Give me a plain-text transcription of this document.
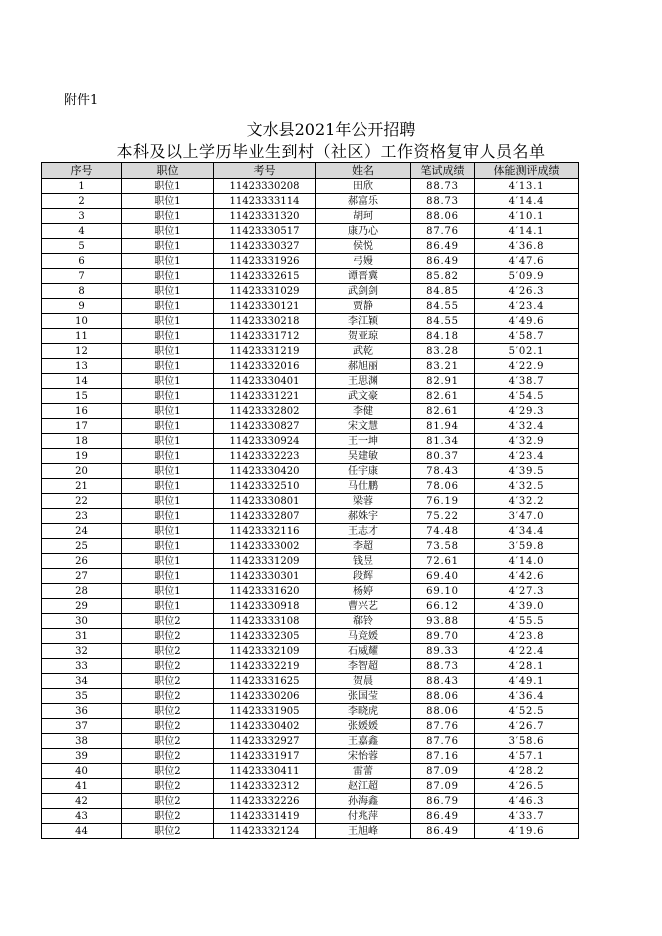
附件1
文水县2021年公开招聘
本科及以上学历毕业生到村（社区）工作资格复审人员名单
序号	职位	考号	姓名	笔试成绩	体能测评成绩
1	职位1	11423330208	田欣	88.73	4′13.1
2	职位1	11423333114	郝富乐	88.73	4′14.4
3	职位1	11423331320	胡珂	88.06	4′10.1
4	职位1	11423330517	康乃心	87.76	4′14.1
5	职位1	11423330327	侯悦	86.49	4′36.8
6	职位1	11423331926	弓嫚	86.49	4′47.6
7	职位1	11423332615	谭晋冀	85.82	5′09.9
8	职位1	11423331029	武剑剑	84.85	4′26.3
9	职位1	11423330121	贾静	84.55	4′23.4
10	职位1	11423330218	李江颖	84.55	4′49.6
11	职位1	11423331712	贺亚琼	84.18	4′58.7
12	职位1	11423331219	武乾	83.28	5′02.1
13	职位1	11423332016	郝旭丽	83.21	4′22.9
14	职位1	11423330401	王思渊	82.91	4′38.7
15	职位1	11423331221	武文豪	82.61	4′54.5
16	职位1	11423332802	李健	82.61	4′29.3
17	职位1	11423330827	宋文慧	81.94	4′32.4
18	职位1	11423330924	王一坤	81.34	4′32.9
19	职位1	11423332223	吴建敏	80.37	4′23.4
20	职位1	11423330420	任宇康	78.43	4′39.5
21	职位1	11423332510	马仕鹏	78.06	4′32.5
22	职位1	11423330801	梁蓉	76.19	4′32.2
23	职位1	11423332807	郝姝宇	75.22	3′47.0
24	职位1	11423332116	王志才	74.48	4′34.4
25	职位1	11423333002	李超	73.58	3′59.8
26	职位1	11423331209	钱昱	72.61	4′14.0
27	职位1	11423330301	段辉	69.40	4′42.6
28	职位1	11423331620	杨婷	69.10	4′27.3
29	职位1	11423330918	曹兴艺	66.12	4′39.0
30	职位2	11423333108	郗铃	93.88	4′55.5
31	职位2	11423332305	马竞媛	89.70	4′23.8
32	职位2	11423332109	石威耀	89.33	4′22.4
33	职位2	11423332219	李智超	88.73	4′28.1
34	职位2	11423331625	贺晨	88.43	4′49.1
35	职位2	11423330206	张国莹	88.06	4′36.4
36	职位2	11423331905	李晓虎	88.06	4′52.5
37	职位2	11423330402	张媛媛	87.76	4′26.7
38	职位2	11423332927	王嘉鑫	87.76	3′58.6
39	职位2	11423331917	宋怡蓉	87.16	4′57.1
40	职位2	11423330411	雷蕾	87.09	4′28.2
41	职位2	11423332312	赵江超	87.09	4′26.5
42	职位2	11423332226	孙海鑫	86.79	4′46.3
43	职位2	11423331419	付兆萍	86.49	4′33.7
44	职位2	11423332124	王旭峰	86.49	4′19.6
